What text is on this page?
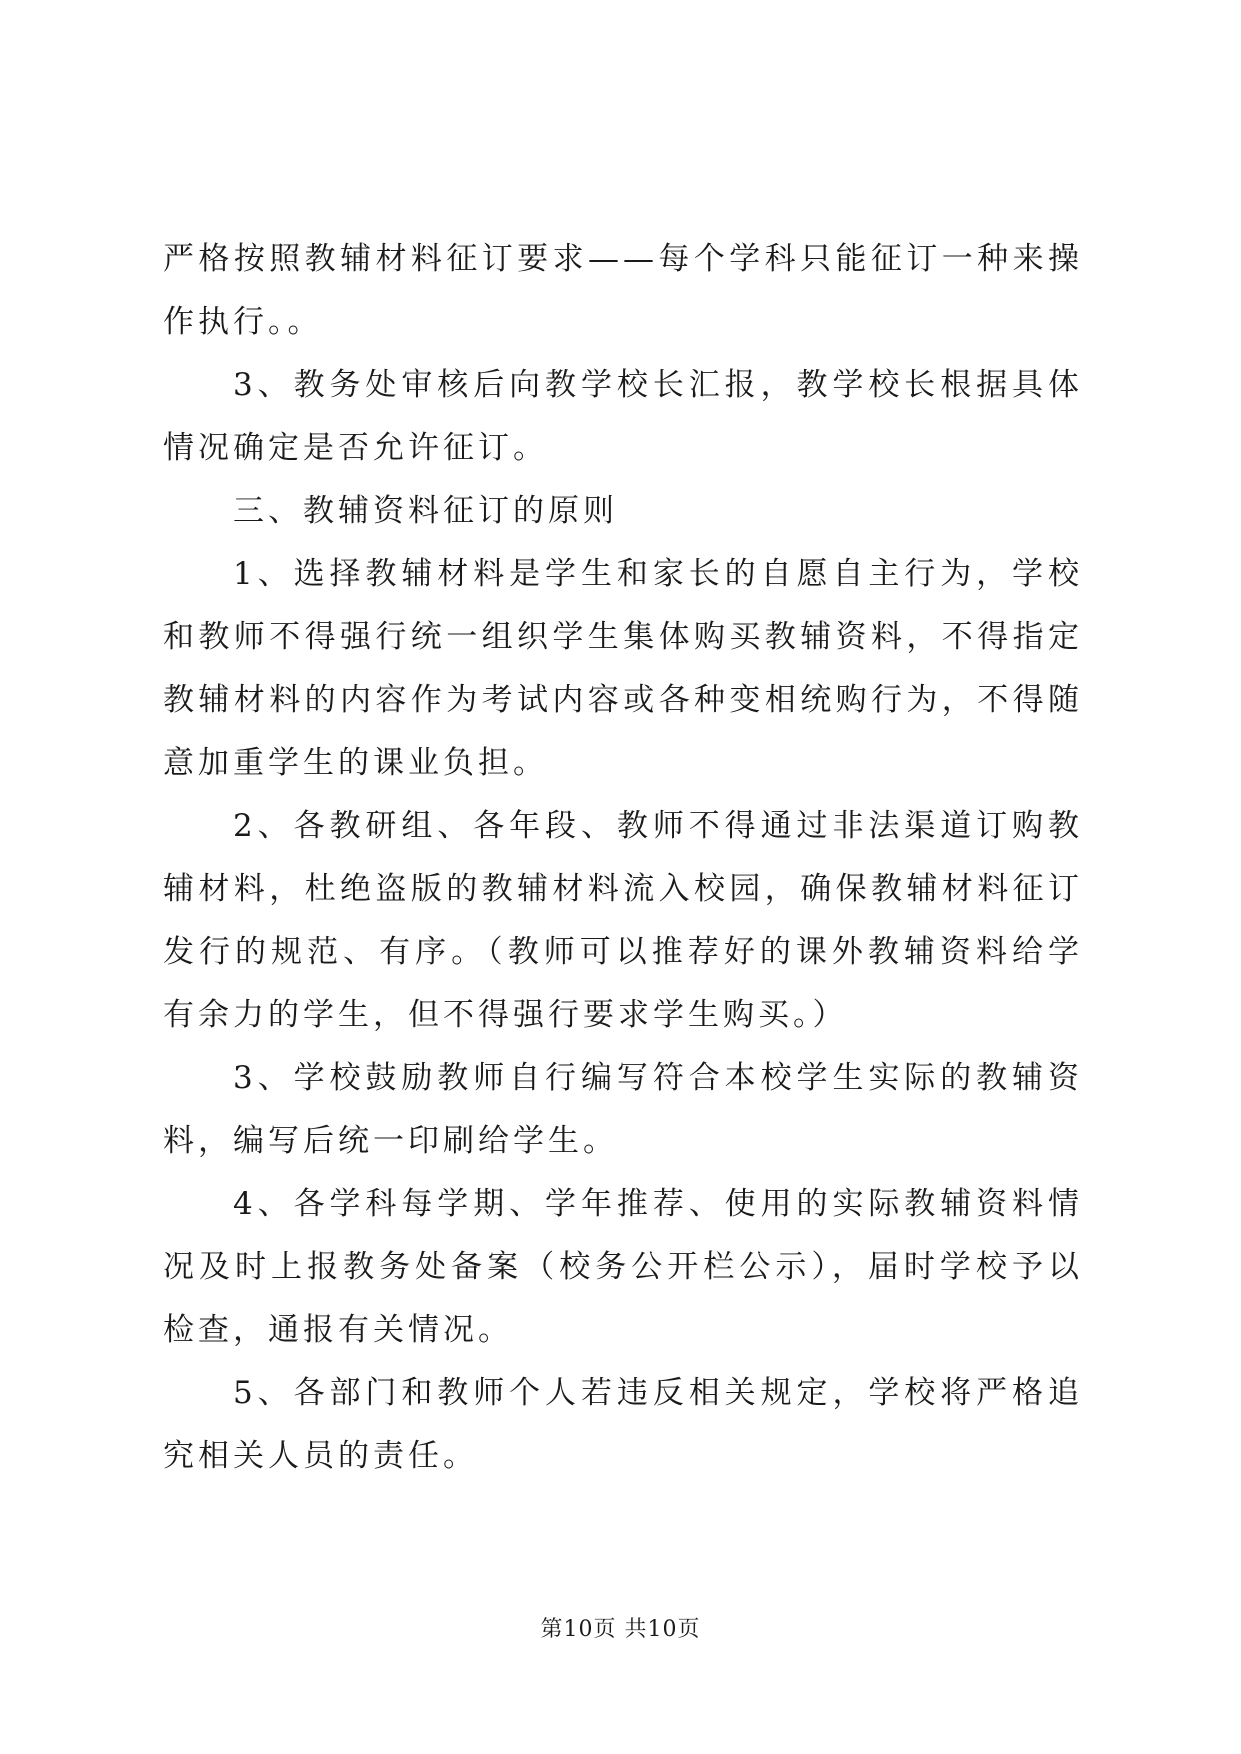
严格按照教辅材料征订要求——每个学科只能征订一种来操作执行。。

3、教务处审核后向教学校长汇报，教学校长根据具体情况确定是否允许征订。

三、教辅资料征订的原则

1、选择教辅材料是学生和家长的自愿自主行为，学校和教师不得强行统一组织学生集体购买教辅资料，不得指定教辅材料的内容作为考试内容或各种变相统购行为，不得随意加重学生的课业负担。

2、各教研组、各年段、教师不得通过非法渠道订购教辅材料，杜绝盗版的教辅材料流入校园，确保教辅材料征订发行的规范、有序。（教师可以推荐好的课外教辅资料给学有余力的学生，但不得强行要求学生购买。）

3、学校鼓励教师自行编写符合本校学生实际的教辅资料，编写后统一印刷给学生。

4、各学科每学期、学年推荐、使用的实际教辅资料情况及时上报教务处备案（校务公开栏公示），届时学校予以检查，通报有关情况。

5、各部门和教师个人若违反相关规定，学校将严格追究相关人员的责任。

第10页 共10页
